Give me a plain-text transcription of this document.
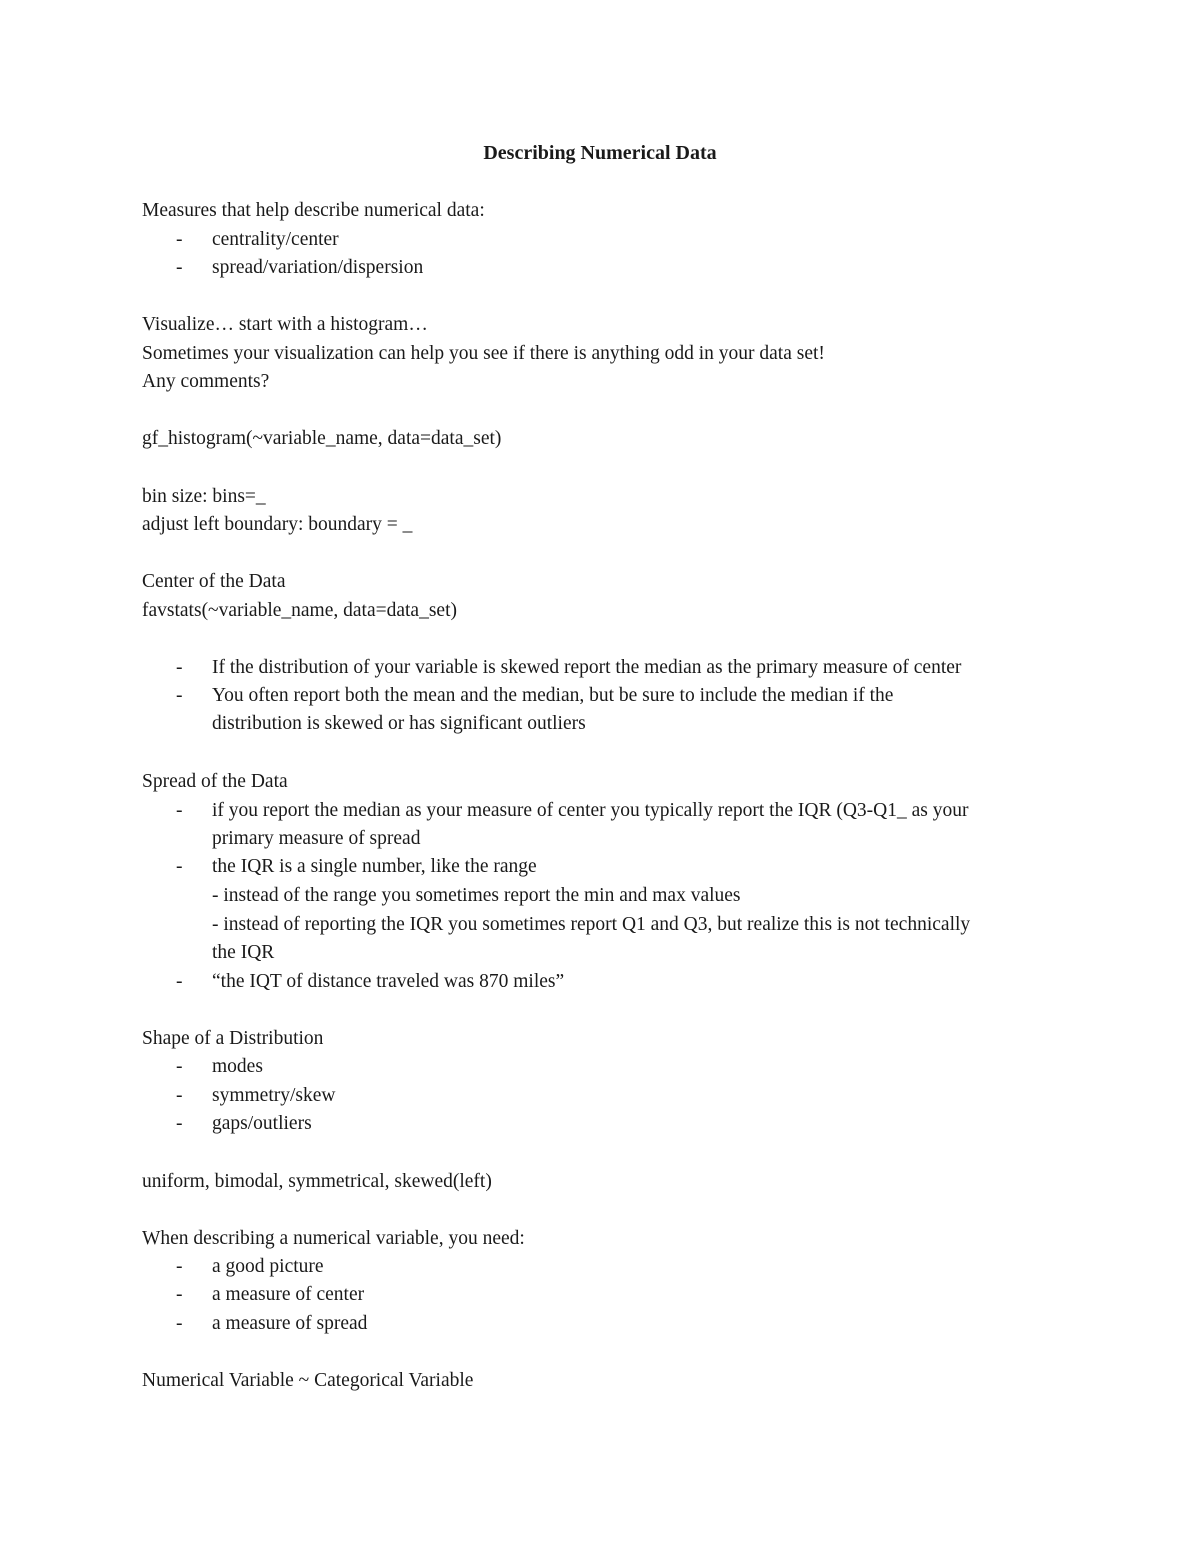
Describing Numerical Data
Measures that help describe numerical data:
- centrality/center
- spread/variation/dispersion
Visualize… start with a histogram…
Sometimes your visualization can help you see if there is anything odd in your data set!
Any comments?
gf_histogram(~variable_name, data=data_set)
bin size: bins=_
adjust left boundary: boundary = _
Center of the Data
favstats(~variable_name, data=data_set)
- If the distribution of your variable is skewed report the median as the primary measure of center
- You often report both the mean and the median, but be sure to include the median if the
distribution is skewed or has significant outliers
Spread of the Data
- if you report the median as your measure of center you typically report the IQR (Q3-Q1_ as your
primary measure of spread
- the IQR is a single number, like the range
- instead of the range you sometimes report the min and max values
- instead of reporting the IQR you sometimes report Q1 and Q3, but realize this is not technically
the IQR
- “the IQT of distance traveled was 870 miles”
Shape of a Distribution
- modes
- symmetry/skew
- gaps/outliers
uniform, bimodal, symmetrical, skewed(left)
When describing a numerical variable, you need:
- a good picture
- a measure of center
- a measure of spread
Numerical Variable ~ Categorical Variable
